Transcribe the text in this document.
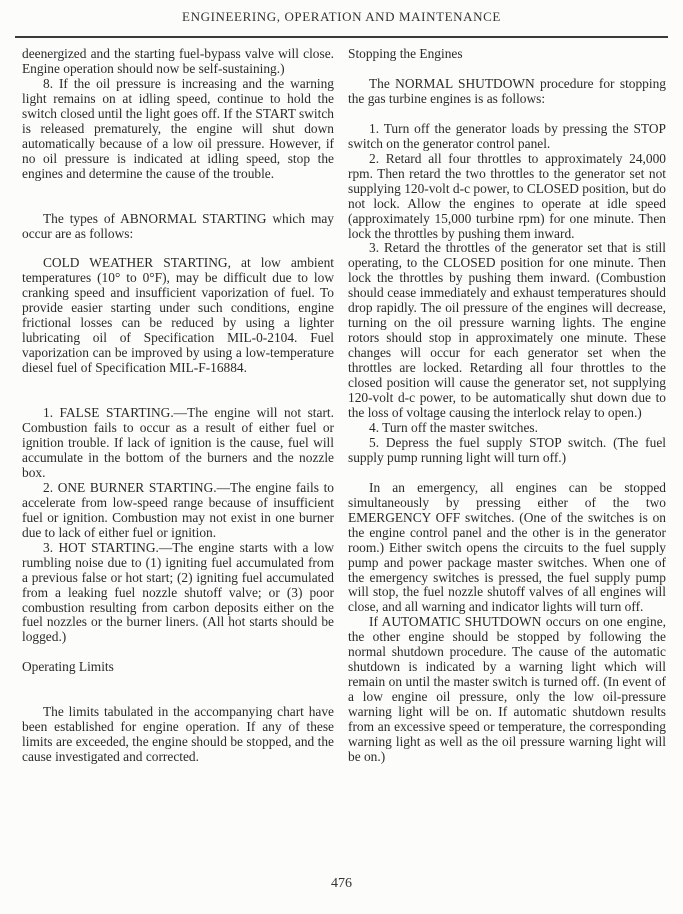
ENGINEERING, OPERATION AND MAINTENANCE

deenergized and the starting fuel-bypass valve will close. Engine operation should now be self-sustaining.)

8. If the oil pressure is increasing and the warning light remains on at idling speed, continue to hold the switch closed until the light goes off. If the START switch is released prematurely, the engine will shut down automatically because of a low oil pressure. However, if no oil pressure is indicated at idling speed, stop the engines and determine the cause of the trouble.

The types of ABNORMAL STARTING which may occur are as follows:

COLD WEATHER STARTING, at low ambient temperatures (10° to 0°F), may be difficult due to low cranking speed and insufficient vaporization of fuel. To provide easier starting under such conditions, engine frictional losses can be reduced by using a lighter lubricating oil of Specification MIL-0-2104. Fuel vaporization can be improved by using a low-temperature diesel fuel of Specification MIL-F-16884.

1. FALSE STARTING.—The engine will not start. Combustion fails to occur as a result of either fuel or ignition trouble. If lack of ignition is the cause, fuel will accumulate in the bottom of the burners and the nozzle box.

2. ONE BURNER STARTING.—The engine fails to accelerate from low-speed range because of insufficient fuel or ignition. Combustion may not exist in one burner due to lack of either fuel or ignition.

3. HOT STARTING.—The engine starts with a low rumbling noise due to (1) igniting fuel accumulated from a previous false or hot start; (2) igniting fuel accumulated from a leaking fuel nozzle shutoff valve; or (3) poor combustion resulting from carbon deposits either on the fuel nozzles or the burner liners. (All hot starts should be logged.)

Operating Limits

The limits tabulated in the accompanying chart have been established for engine operation. If any of these limits are exceeded, the engine should be stopped, and the cause investigated and corrected.

Stopping the Engines

The NORMAL SHUTDOWN procedure for stopping the gas turbine engines is as follows:

1. Turn off the generator loads by pressing the STOP switch on the generator control panel.

2. Retard all four throttles to approximately 24,000 rpm. Then retard the two throttles to the generator set not supplying 120-volt d-c power, to CLOSED position, but do not lock. Allow the engines to operate at idle speed (approximately 15,000 turbine rpm) for one minute. Then lock the throttles by pushing them inward.

3. Retard the throttles of the generator set that is still operating, to the CLOSED position for one minute. Then lock the throttles by pushing them inward. (Combustion should cease immediately and exhaust temperatures should drop rapidly. The oil pressure of the engines will decrease, turning on the oil pressure warning lights. The engine rotors should stop in approximately one minute. These changes will occur for each generator set when the throttles are locked. Retarding all four throttles to the closed position will cause the generator set, not supplying 120-volt d-c power, to be automatically shut down due to the loss of voltage causing the interlock relay to open.)

4. Turn off the master switches.

5. Depress the fuel supply STOP switch. (The fuel supply pump running light will turn off.)

In an emergency, all engines can be stopped simultaneously by pressing either of the two EMERGENCY OFF switches. (One of the switches is on the engine control panel and the other is in the generator room.) Either switch opens the circuits to the fuel supply pump and power package master switches. When one of the emergency switches is pressed, the fuel supply pump will stop, the fuel nozzle shutoff valves of all engines will close, and all warning and indicator lights will turn off.

If AUTOMATIC SHUTDOWN occurs on one engine, the other engine should be stopped by following the normal shutdown procedure. The cause of the automatic shutdown is indicated by a warning light which will remain on until the master switch is turned off. (In event of a low engine oil pressure, only the low oil-pressure warning light will be on. If automatic shutdown results from an excessive speed or temperature, the corresponding warning light as well as the oil pressure warning light will be on.)

476
